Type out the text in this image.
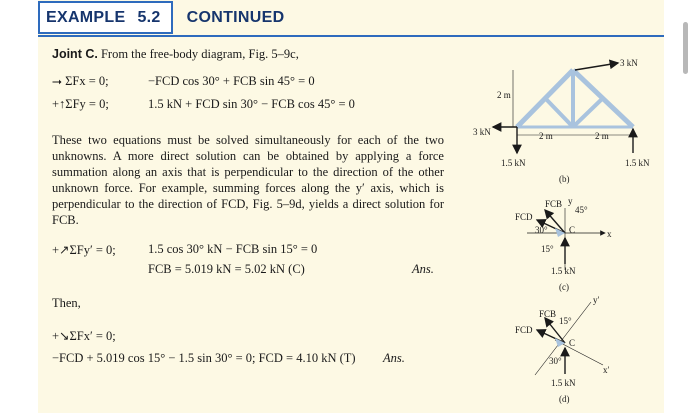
EXAMPLE 5.2 CONTINUED
Joint C. From the free-body diagram, Fig. 5–9c,
⭢ ΣFx = 0;	−FCD cos 30° + FCB sin 45° = 0
+↑ΣFy = 0;	1.5 kN + FCD sin 30° − FCB cos 45° = 0
These two equations must be solved simultaneously for each of the two unknowns. A more direct solution can be obtained by applying a force summation along an axis that is perpendicular to the direction of the other unknown force. For example, summing forces along the y′ axis, which is perpendicular to the direction of FCD, Fig. 5–9d, yields a direct solution for FCB.
+↗ΣFy′ = 0;	1.5 cos 30° kN − FCB sin 15° = 0
FCB = 5.019 kN = 5.02 kN (C)	Ans.
Then,
+↘ΣFx′ = 0;
−FCD + 5.019 cos 15° − 1.5 sin 30° = 0; FCD = 4.10 kN (T) Ans.
3 kN
2 m
3 kN	2 m	2 m
1.5 kN	1.5 kN
(b)
FCB
FCD
45°
30°
15°
C	x
y
1.5 kN
(c)
FCB
FCD
15°
30°
C
x′
y′
1.5 kN
(d)
